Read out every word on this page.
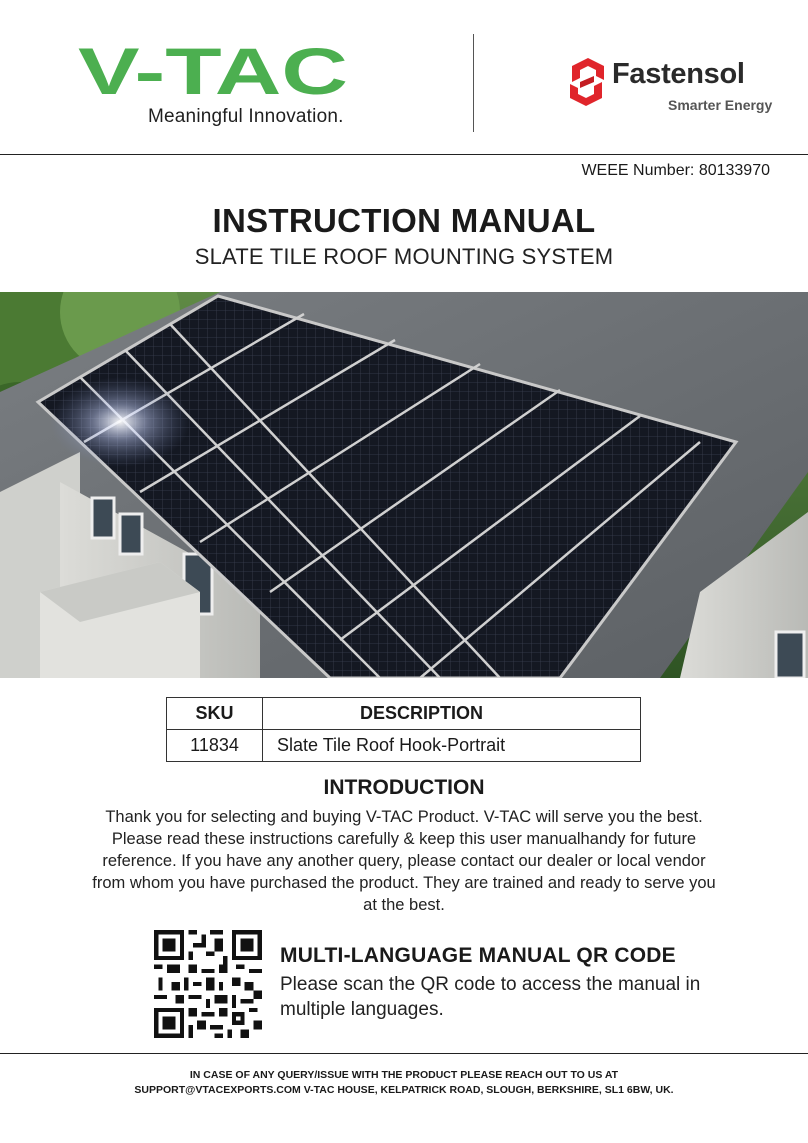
V-TAC
Meaningful Innovation.
Fastensol
Smarter Energy
WEEE Number: 80133970
INSTRUCTION MANUAL
SLATE TILE ROOF MOUNTING SYSTEM
SKU	DESCRIPTION
11834	Slate Tile Roof Hook-Portrait
INTRODUCTION
Thank you for selecting and buying V-TAC Product. V-TAC will serve you the best. Please read these instructions carefully & keep this user manualhandy for future reference. If you have any another query, please contact our dealer or local vendor from whom you have purchased the product. They are trained and ready to serve you at the best.
MULTI-LANGUAGE MANUAL QR CODE
Please scan the QR code to access the manual in multiple languages.
IN CASE OF ANY QUERY/ISSUE WITH THE PRODUCT PLEASE REACH OUT TO US AT
SUPPORT@VTACEXPORTS.COM V-TAC HOUSE, KELPATRICK ROAD, SLOUGH, BERKSHIRE, SL1 6BW, UK.
